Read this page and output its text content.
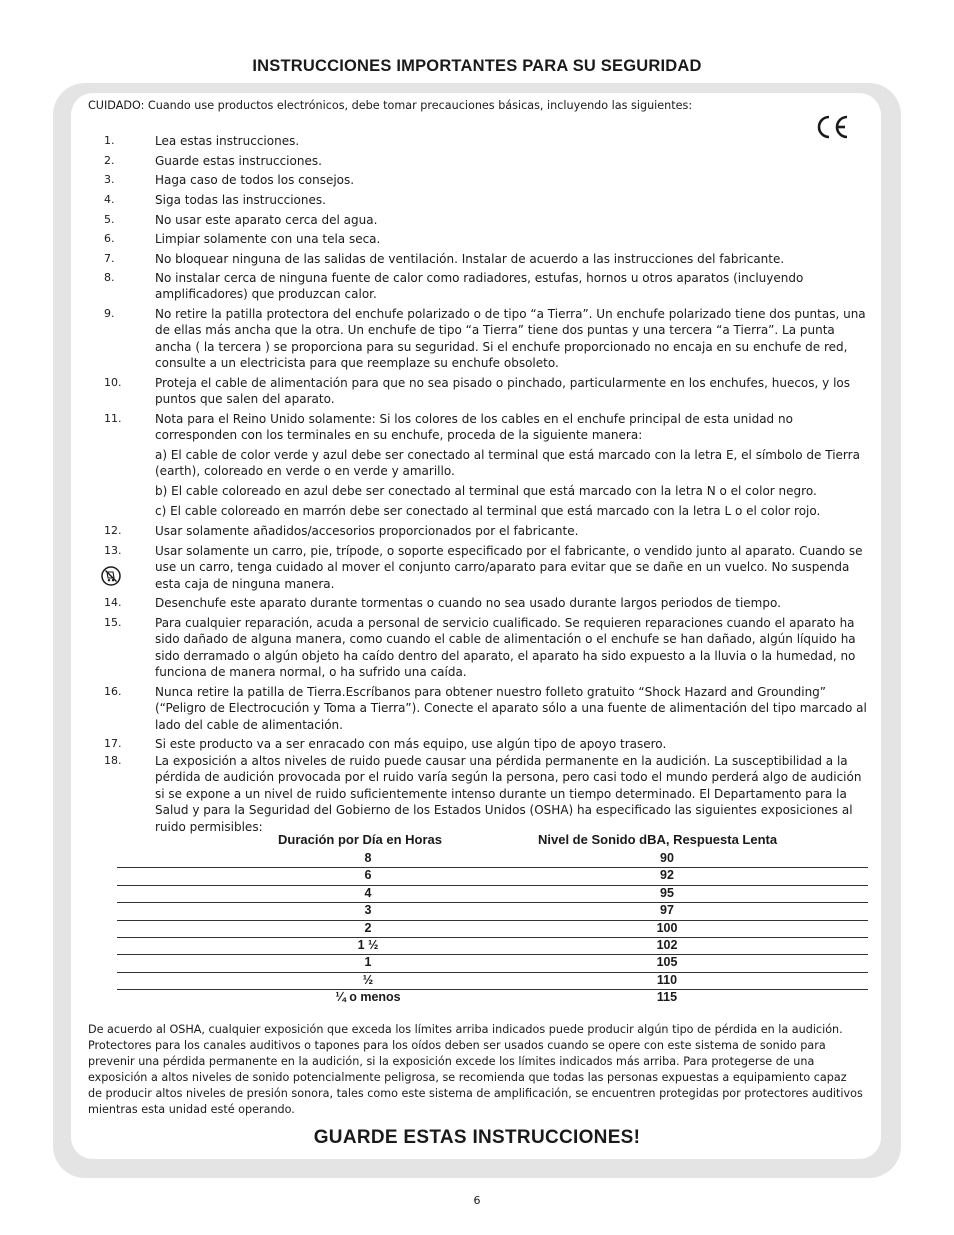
INSTRUCCIONES IMPORTANTES PARA SU SEGURIDAD
CUIDADO: Cuando use productos electrónicos, debe tomar precauciones básicas, incluyendo las siguientes:
1.	Lea estas instrucciones.
2.	Guarde estas instrucciones.
3.	Haga caso de todos los consejos.
4.	Siga todas las instrucciones.
5.	No usar este aparato cerca del agua.
6.	Limpiar solamente con una tela seca.
7.	No bloquear ninguna de las salidas de ventilación. Instalar de acuerdo a las instrucciones del fabricante.
8.	No instalar cerca de ninguna fuente de calor como radiadores, estufas, hornos u otros aparatos (incluyendo amplificadores) que produzcan calor.
9.	No retire la patilla protectora del enchufe polarizado o de tipo “a Tierra”. Un enchufe polarizado tiene dos puntas, una de ellas más ancha que la otra. Un enchufe de tipo “a Tierra” tiene dos puntas y una tercera “a Tierra”. La punta ancha ( la tercera ) se proporciona para su seguridad. Si el enchufe proporcionado no encaja en su enchufe de red, consulte a un electricista para que reemplaze su enchufe obsoleto.
10.	Proteja el cable de alimentación para que no sea pisado o pinchado, particularmente en los enchufes, huecos, y los puntos que salen del aparato.
11.	Nota para el Reino Unido solamente: Si los colores de los cables en el enchufe principal de esta unidad no corresponden con los terminales en su enchufe, proceda de la siguiente manera:
a) El cable de color verde y azul debe ser conectado al terminal que está marcado con la letra E, el símbolo de Tierra (earth), coloreado en verde o en verde y amarillo.
b) El cable coloreado en azul debe ser conectado al terminal que está marcado con la letra N o el color negro.
c) El cable coloreado en marrón debe ser conectado al terminal que está marcado con la letra L o el color rojo.
12.	Usar solamente añadidos/accesorios proporcionados por el fabricante.
13.	Usar solamente un carro, pie, trípode, o soporte especificado por el fabricante, o vendido junto al aparato. Cuando se use un carro, tenga cuidado al mover el conjunto carro/aparato para evitar que se dañe en un vuelco. No suspenda esta caja de ninguna manera.
14.	Desenchufe este aparato durante tormentas o cuando no sea usado durante largos periodos de tiempo.
15.	Para cualquier reparación, acuda a personal de servicio cualificado. Se requieren reparaciones cuando el aparato ha sido dañado de alguna manera, como cuando el cable de alimentación o el enchufe se han dañado, algún líquido ha sido derramado o algún objeto ha caído dentro del aparato, el aparato ha sido expuesto a la lluvia o la humedad, no funciona de manera normal, o ha sufrido una caída.
16.	Nunca retire la patilla de Tierra.Escríbanos para obtener nuestro folleto gratuito “Shock Hazard and Grounding” (“Peligro de Electrocución y Toma a Tierra”). Conecte el aparato sólo a una fuente de alimentación del tipo marcado al lado del cable de alimentación.
17.	Si este producto va a ser enracado con más equipo, use algún tipo de apoyo trasero.
18.	La exposición a altos niveles de ruido puede causar una pérdida permanente en la audición. La susceptibilidad a la pérdida de audición provocada por el ruido varía según la persona, pero casi todo el mundo perderá algo de audición si se expone a un nivel de ruido suficientemente intenso durante un tiempo determinado. El Departamento para la Salud y para la Seguridad del Gobierno de los Estados Unidos (OSHA) ha especificado las siguientes exposiciones al ruido permisibles:
Duración por Día en Horas	Nivel de Sonido dBA, Respuesta Lenta
8	90
6	92
4	95
3	97
2	100
1 ½	102
1	105
½	110
¼ o menos	115
De acuerdo al OSHA, cualquier exposición que exceda los límites arriba indicados puede producir algún tipo de pérdida en la audición. Protectores para los canales auditivos o tapones para los oídos deben ser usados cuando se opere con este sistema de sonido para prevenir una pérdida permanente en la audición, si la exposición excede los límites indicados más arriba. Para protegerse de una exposición a altos niveles de sonido potencialmente peligrosa, se recomienda que todas las personas expuestas a equipamiento capaz de producir altos niveles de presión sonora, tales como este sistema de amplificación, se encuentren protegidas por protectores auditivos mientras esta unidad esté operando.
GUARDE ESTAS INSTRUCCIONES!
6
